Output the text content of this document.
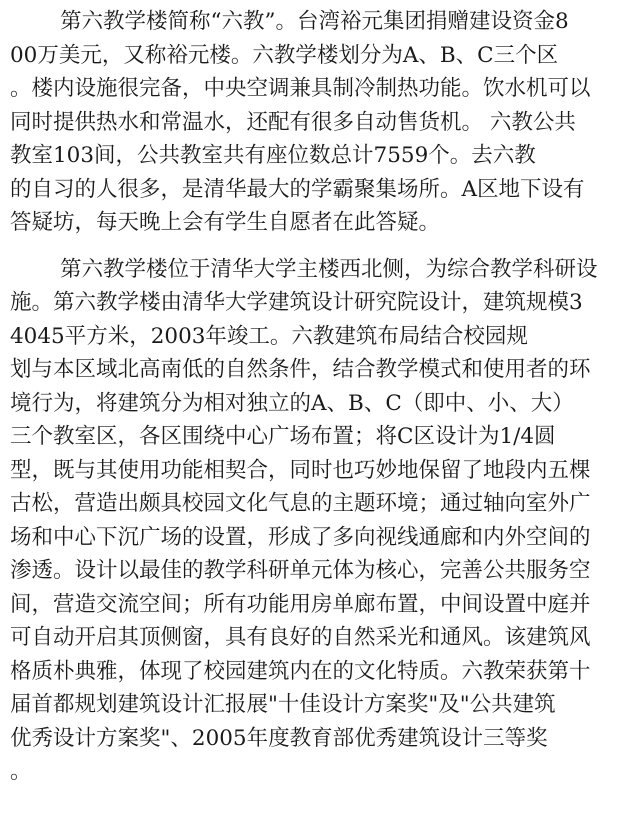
第六教学楼简称“六教”。台湾裕元集团捐赠建设资金8
00万美元，又称裕元楼。六教学楼划分为A、B、C三个区
。楼内设施很完备，中央空调兼具制冷制热功能。饮水机可以
同时提供热水和常温水，还配有很多自动售货机。 六教公共
教室103间，公共教室共有座位数总计7559个。去六教
的自习的人很多，是清华最大的学霸聚集场所。A区地下设有
答疑坊，每天晚上会有学生自愿者在此答疑。
第六教学楼位于清华大学主楼西北侧，为综合教学科研设
施。第六教学楼由清华大学建筑设计研究院设计，建筑规模3
4045平方米，2003年竣工。六教建筑布局结合校园规
划与本区域北高南低的自然条件，结合教学模式和使用者的环
境行为，将建筑分为相对独立的A、B、C（即中、小、大）
三个教室区，各区围绕中心广场布置；将C区设计为1/4圆
型，既与其使用功能相契合，同时也巧妙地保留了地段内五棵
古松，营造出颇具校园文化气息的主题环境；通过轴向室外广
场和中心下沉广场的设置，形成了多向视线通廊和内外空间的
渗透。设计以最佳的教学科研单元体为核心，完善公共服务空
间，营造交流空间；所有功能用房单廊布置，中间设置中庭并
可自动开启其顶侧窗，具有良好的自然采光和通风。该建筑风
格质朴典雅，体现了校园建筑内在的文化特质。六教荣获第十
届首都规划建筑设计汇报展"十佳设计方案奖"及"公共建筑
优秀设计方案奖"、2005年度教育部优秀建筑设计三等奖
。
